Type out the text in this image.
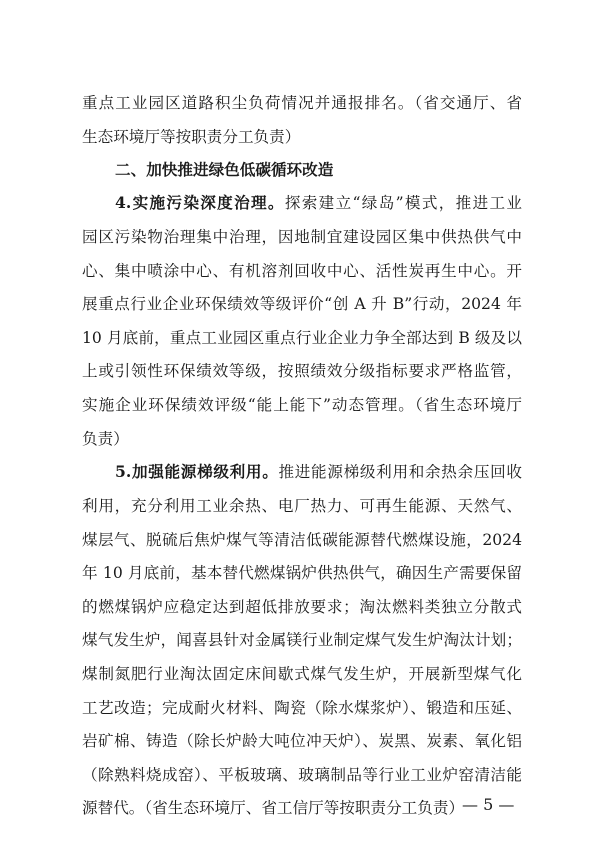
重点工业园区道路积尘负荷情况并通报排名。（省交通厅、省
生态环境厅等按职责分工负责）
二、加快推进绿色低碳循环改造
4.实施污染深度治理。探索建立“绿岛”模式，推进工业
园区污染物治理集中治理，因地制宜建设园区集中供热供气中
心、集中喷涂中心、有机溶剂回收中心、活性炭再生中心。开
展重点行业企业环保绩效等级评价“创 A 升 B”行动，2024 年
10 月底前，重点工业园区重点行业企业力争全部达到 B 级及以
上或引领性环保绩效等级，按照绩效分级指标要求严格监管，
实施企业环保绩效评级“能上能下”动态管理。（省生态环境厅
负责）
5.加强能源梯级利用。推进能源梯级利用和余热余压回收
利用，充分利用工业余热、电厂热力、可再生能源、天然气、
煤层气、脱硫后焦炉煤气等清洁低碳能源替代燃煤设施，2024
年 10 月底前，基本替代燃煤锅炉供热供气，确因生产需要保留
的燃煤锅炉应稳定达到超低排放要求；淘汰燃料类独立分散式
煤气发生炉，闻喜县针对金属镁行业制定煤气发生炉淘汰计划；
煤制氮肥行业淘汰固定床间歇式煤气发生炉，开展新型煤气化
工艺改造；完成耐火材料、陶瓷（除水煤浆炉）、锻造和压延、
岩矿棉、铸造（除长炉龄大吨位冲天炉）、炭黑、炭素、氧化铝
（除熟料烧成窑）、平板玻璃、玻璃制品等行业工业炉窑清洁能
源替代。（省生态环境厅、省工信厅等按职责分工负责）
— 5 —
